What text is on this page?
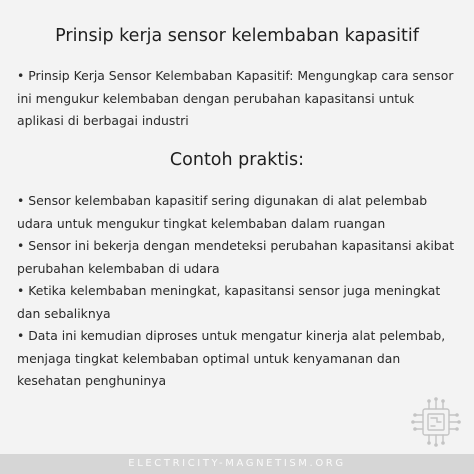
Prinsip kerja sensor kelembaban kapasitif

• Prinsip Kerja Sensor Kelembaban Kapasitif: Mengungkap cara sensor ini mengukur kelembaban dengan perubahan kapasitansi untuk aplikasi di berbagai industri

Contoh praktis:
• Sensor kelembaban kapasitif sering digunakan di alat pelembab udara untuk mengukur tingkat kelembaban dalam ruangan
• Sensor ini bekerja dengan mendeteksi perubahan kapasitansi akibat perubahan kelembaban di udara
• Ketika kelembaban meningkat, kapasitansi sensor juga meningkat dan sebaliknya
• Data ini kemudian diproses untuk mengatur kinerja alat pelembab, menjaga tingkat kelembaban optimal untuk kenyamanan dan kesehatan penghuninya
ELECTRICITY-MAGNETISM.ORG
